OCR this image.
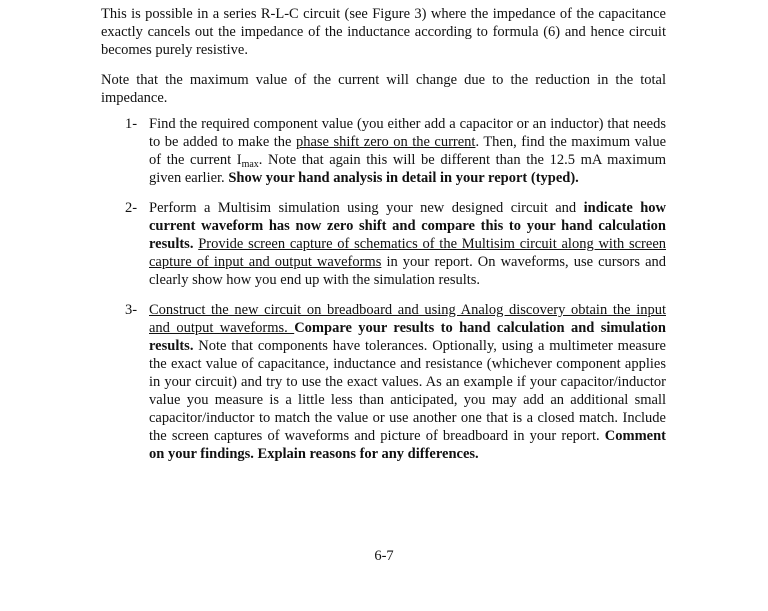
This is possible in a series R-L-C circuit (see Figure 3) where the impedance of the capacitance exactly cancels out the impedance of the inductance according to formula (6) and hence circuit becomes purely resistive.

Note that the maximum value of the current will change due to the reduction in the total impedance.

1- Find the required component value (you either add a capacitor or an inductor) that needs to be added to make the phase shift zero on the current. Then, find the maximum value of the current $I_{max}$. Note that again this will be different than the 12.5 mA maximum given earlier. Show your hand analysis in detail in your report (typed).
2- Perform a Multisim simulation using your new designed circuit and indicate how current waveform has now zero shift and compare this to your hand calculation results. Provide screen capture of schematics of the Multisim circuit along with screen capture of input and output waveforms in your report. On waveforms, use cursors and clearly show how you end up with the simulation results.
3- Construct the new circuit on breadboard and using Analog discovery obtain the input and output waveforms. Compare your results to hand calculation and simulation results. Note that components have tolerances. Optionally, using a multimeter measure the exact value of capacitance, inductance and resistance (whichever component applies in your circuit) and try to use the exact values. As an example if your capacitor/inductor value you measure is a little less than anticipated, you may add an additional small capacitor/inductor to match the value or use another one that is a closed match. Include the screen captures of waveforms and picture of breadboard in your report. Comment on your findings. Explain reasons for any differences.
6-7
